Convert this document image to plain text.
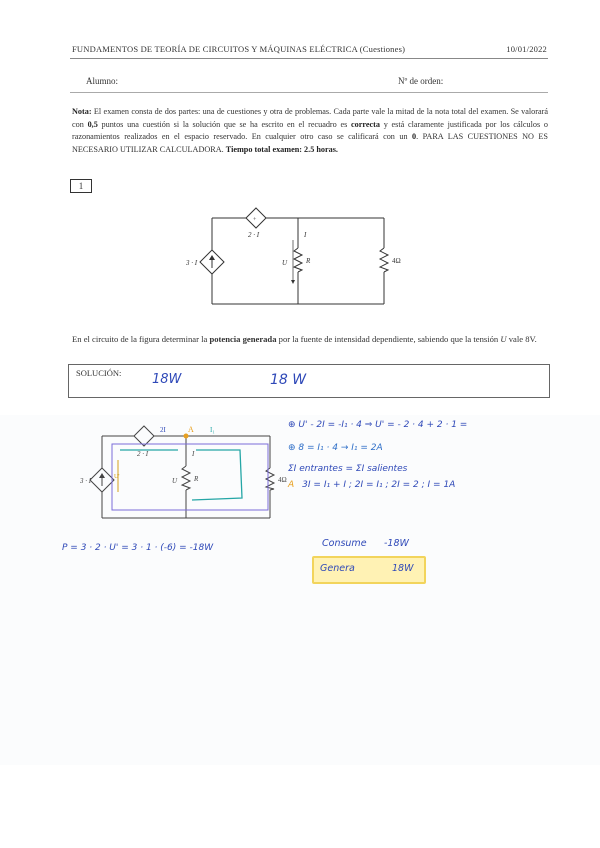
FUNDAMENTOS DE TEORÍA DE CIRCUITOS Y MÁQUINAS ELÉCTRICA (Cuestiones)	10/01/2022
Alumno:	Nº de orden:
Nota: El examen consta de dos partes: una de cuestiones y otra de problemas. Cada parte vale la mitad de la nota total del examen. Se valorará con 0,5 puntos una cuestión si la solución que se ha escrito en el recuadro es correcta y está claramente justificada por los cálculos o razonamientos realizados en el espacio reservado. En cualquier otro caso se calificará con un 0. PARA LAS CUESTIONES NO ES NECESARIO UTILIZAR CALCULADORA. Tiempo total examen: 2.5 horas.
1
+
2 · I
3 · I
I
U	R	4Ω
En el circuito de la figura determinar la potencia generada por la fuente de intensidad dependiente, sabiendo que la tensión U vale 8V.
SOLUCIÓN: 18W	18 W
2 · I
3 · I
I
U R	4Ω
2I	A I₁
U'
⊕ U' - 2I = -I₁ · 4 ⇒ U' = - 2 · 4 + 2 · 1 =
⊕ 8 = I₁ · 4 → I₁ = 2A
ΣI entrantes = ΣI salientes
A 3I = I₁ + I ; 2I = I₁ ; 2I = 2 ; I = 1A
P = 3 · 2 · U' = 3 · 1 · (-6) = -18W	Consume -18W
Genera	18W
